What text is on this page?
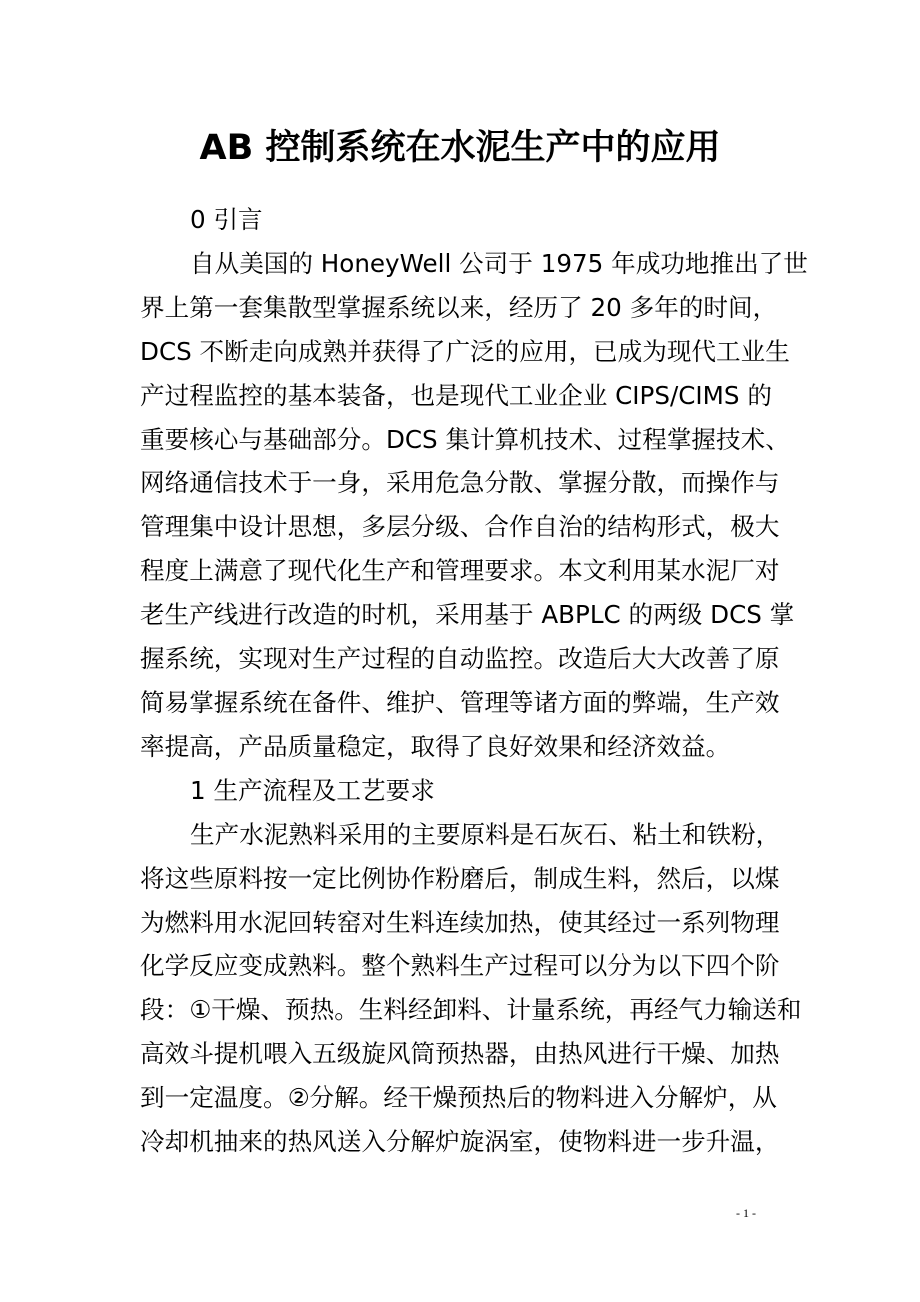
AB 控制系统在水泥生产中的应用
0 引言
自从美国的 HoneyWell 公司于 1975 年成功地推出了世
界上第一套集散型掌握系统以来，经历了 20 多年的时间，
DCS 不断走向成熟并获得了广泛的应用，已成为现代工业生
产过程监控的基本装备，也是现代工业企业 CIPS/CIMS 的
重要核心与基础部分。DCS 集计算机技术、过程掌握技术、
网络通信技术于一身，采用危急分散、掌握分散，而操作与
管理集中设计思想，多层分级、合作自治的结构形式，极大
程度上满意了现代化生产和管理要求。本文利用某水泥厂对
老生产线进行改造的时机，采用基于 ABPLC 的两级 DCS 掌
握系统，实现对生产过程的自动监控。改造后大大改善了原
简易掌握系统在备件、维护、管理等诸方面的弊端，生产效
率提高，产品质量稳定，取得了良好效果和经济效益。
1 生产流程及工艺要求
生产水泥熟料采用的主要原料是石灰石、粘土和铁粉，
将这些原料按一定比例协作粉磨后，制成生料，然后，以煤
为燃料用水泥回转窑对生料连续加热，使其经过一系列物理
化学反应变成熟料。整个熟料生产过程可以分为以下四个阶
段：①干燥、预热。生料经卸料、计量系统，再经气力输送和
高效斗提机喂入五级旋风筒预热器，由热风进行干燥、加热
到一定温度。②分解。经干燥预热后的物料进入分解炉，从
冷却机抽来的热风送入分解炉旋涡室，使物料进一步升温，
- 1 -
